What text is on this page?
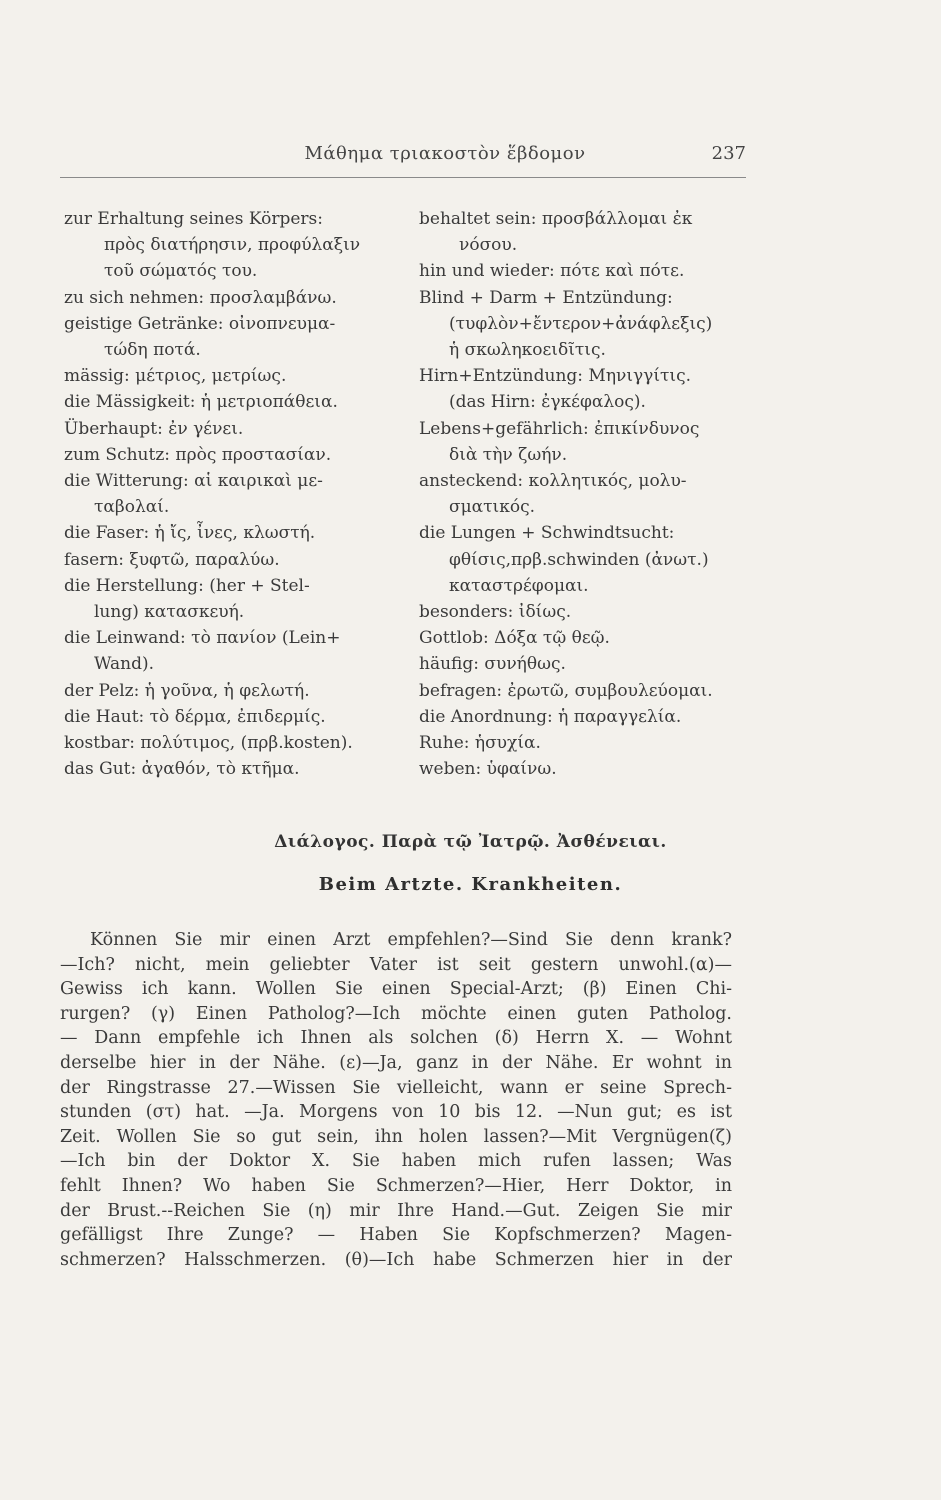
Μάθημα τριακοστὸν ἕβδομον	237
zur Erhaltung seines Körpers:
πρὸς διατήρησιν, προφύλαξιν
τοῦ σώματός του.
zu sich nehmen: προσλαμβάνω.
geistige Getränke: οἰνοπνευμα-
τώδη ποτά.
mässig: μέτριος, μετρίως.
die Mässigkeit: ἡ μετριοπάθεια.
Überhaupt: ἐν γένει.
zum Schutz: πρὸς προστασίαν.
die Witterung: αἱ καιρικαὶ με-
ταβολαί.
die Faser: ἡ ἴς, ἶνες, κλωστή.
fasern: ξυφτῶ, παραλύω.
die Herstellung: (her + Stel-
lung) κατασκευή.
die Leinwand: τὸ πανίον (Lein+
Wand).
der Pelz: ἡ γοῦνα, ἡ φελωτή.
die Haut: τὸ δέρμα, ἐπιδερμίς.
kostbar: πολύτιμος, (πρβ.kosten).
das Gut: ἀγαθόν, τὸ κτῆμα.
behaltet sein: προσβάλλομαι ἐκ
νόσου.
hin und wieder: πότε καὶ πότε.
Blind + Darm + Entzündung:
(τυφλὸν+ἔντερον+ἀνάφλεξις)
ἡ σκωληκοειδῖτις.
Hirn+Entzündung: Μηνιγγίτις.
(das Hirn: ἐγκέφαλος).
Lebens+gefährlich: ἐπικίνδυνος
διὰ τὴν ζωήν.
ansteckend: κολλητικός, μολυ-
σματικός.
die Lungen + Schwindtsucht:
φθίσις,πρβ.schwinden (ἀνωτ.)
καταστρέφομαι.
besonders: ἰδίως.
Gottlob: Δόξα τῷ θεῷ.
häufig: συνήθως.
befragen: ἐρωτῶ, συμβουλεύομαι.
die Anordnung: ἡ παραγγελία.
Ruhe: ἡσυχία.
weben: ὑφαίνω.
Διάλογος. Παρὰ τῷ Ἰατρῷ. Ἀσθένειαι.
Beim Artzte. Krankheiten.
Können Sie mir einen Arzt empfehlen?—Sind Sie denn krank?
—Ich? nicht, mein geliebter Vater ist seit gestern unwohl.(α)—
Gewiss ich kann. Wollen Sie einen Special-Arzt; (β) Einen Chi-
rurgen? (γ) Einen Patholog?—Ich möchte einen guten Patholog.
— Dann empfehle ich Ihnen als solchen (δ) Herrn X. — Wohnt
derselbe hier in der Nähe. (ε)—Ja, ganz in der Nähe. Er wohnt in
der Ringstrasse 27.—Wissen Sie vielleicht, wann er seine Sprech-
stunden (στ) hat. —Ja. Morgens von 10 bis 12. —Nun gut; es ist
Zeit. Wollen Sie so gut sein, ihn holen lassen?—Mit Vergnügen(ζ)
—Ich bin der Doktor X. Sie haben mich rufen lassen; Was
fehlt Ihnen? Wo haben Sie Schmerzen?—Hier, Herr Doktor, in
der Brust.--Reichen Sie (η) mir Ihre Hand.—Gut. Zeigen Sie mir
gefälligst Ihre Zunge? — Haben Sie Kopfschmerzen? Magen-
schmerzen? Halsschmerzen. (θ)—Ich habe Schmerzen hier in der
